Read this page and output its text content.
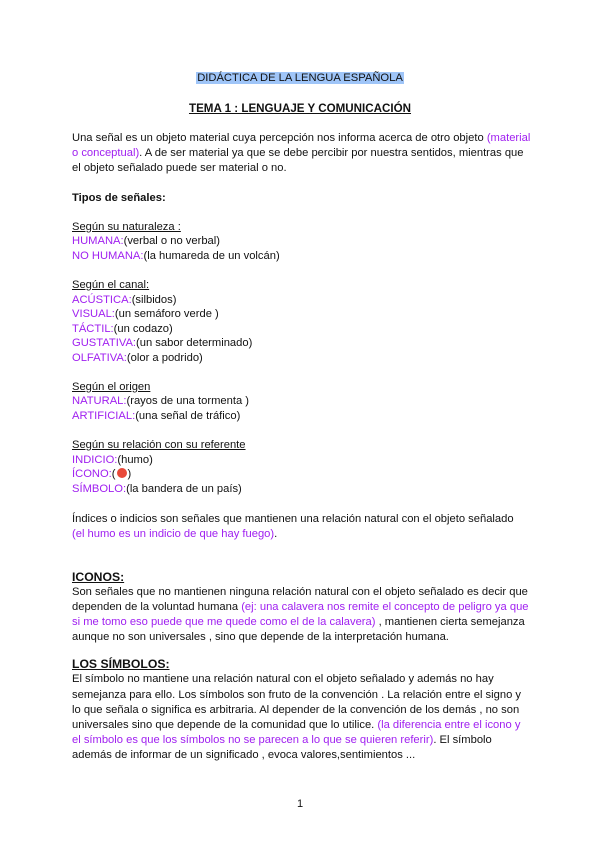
DIDÁCTICA DE LA LENGUA ESPAÑOLA
TEMA 1 : LENGUAJE Y COMUNICACIÓN
Una señal es un objeto material cuya percepción nos informa acerca de otro objeto (material
o conceptual). A de ser material ya que se debe percibir por nuestra sentidos, mientras que
el objeto señalado puede ser material o no.
Tipos de señales:
Según su naturaleza :
HUMANA:(verbal o no verbal)
NO HUMANA:(la humareda de un volcán)
Según el canal:
ACÚSTICA:(silbidos)
VISUAL:(un semáforo verde )
TÁCTIL:(un codazo)
GUSTATIVA:(un sabor determinado)
OLFATIVA:(olor a podrido)
Según el origen
NATURAL:(rayos de una tormenta )
ARTIFICIAL:(una señal de tráfico)
Según su relación con su referente
INDICIO:(humo)
ÍCONO:( )
SÍMBOLO:(la bandera de un país)
Índices o indicios son señales que mantienen una relación natural con el objeto señalado
(el humo es un indicio de que hay fuego).
ICONOS:
Son señales que no mantienen ninguna relación natural con el objeto señalado es decir que
dependen de la voluntad humana (ej: una calavera nos remite el concepto de peligro ya que
si me tomo eso puede que me quede como el de la calavera) , mantienen cierta semejanza
aunque no son universales , sino que depende de la interpretación humana.
LOS SÍMBOLOS:
El símbolo no mantiene una relación natural con el objeto señalado y además no hay
semejanza para ello. Los símbolos son fruto de la convención . La relación entre el signo y
lo que señala o significa es arbitraria. Al depender de la convención de los demás , no son
universales sino que depende de la comunidad que lo utilice. (la diferencia entre el icono y
el símbolo es que los símbolos no se parecen a lo que se quieren referir). El símbolo
además de informar de un significado , evoca valores,sentimientos ...
1
